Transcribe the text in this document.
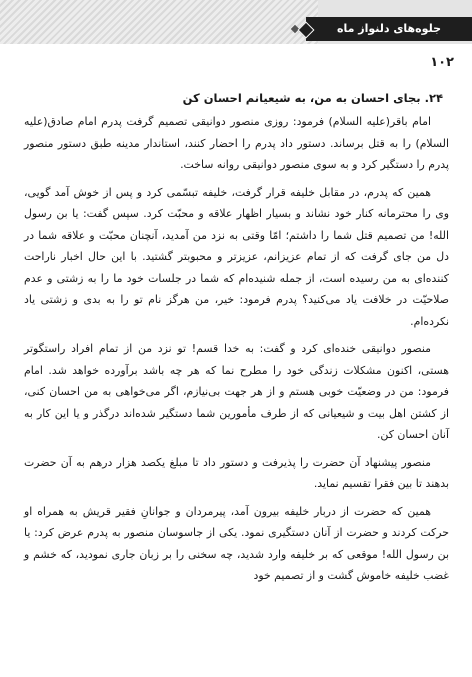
جلوه‌های دلنواز ماه
۱۰۲
۲۴. بجای احسان به من، به شیعیانم احسان کن

امام باقر(علیه السلام) فرمود: روزی منصور دوانیقی تصمیم گرفت پدرم امام صادق(علیه السلام) را به قتل برساند. دستور داد پدرم را احضار کنند، استاندار مدینه طبق دستور منصور پدرم را دستگیر کرد و به سوی منصور دوانیقی روانه ساخت.

همین که پدرم، در مقابل خلیفه قرار گرفت، خلیفه تبسّمی کرد و پس از خوش آمد گویی، وی را محترمانه کنار خود نشاند و بسیار اظهار علاقه و محبّت کرد. سپس گفت: یا بن رسول الله! من تصمیم قتل شما را داشتم؛ امّا وقتی به نزد من آمدید، آنچنان محبّت و علاقه شما در دل من جای گرفت که از تمام عزیزانم، عزیزتر و محبوبتر گشتید. با این حال اخبار ناراحت کننده‌ای به من رسیده است، از جمله شنیده‌ام که شما در جلسات خود ما را به زشتی و عدم صلاحیّت در خلافت یاد می‌کنید؟ پدرم فرمود: خیر، من هرگز نام تو را به بدی و زشتی یاد نکرده‌ام.

منصور دوانیقی خنده‌ای کرد و گفت: به خدا قسم! تو نزد من از تمام افراد راستگوتر هستی، اکنون مشکلات زندگی خود را مطرح نما که هر چه باشد برآورده خواهد شد. امام فرمود: من در وضعیّت خوبی هستم و از هر جهت بی‌نیازم، اگر می‌خواهی به من احسان کنی، از کشتن اهل بیت و شیعیانی که از طرف مأمورین شما دستگیر شده‌اند درگذر و یا این کار به آنان احسان کن.

منصور پیشنهاد آن حضرت را پذیرفت و دستور داد تا مبلغ یکصد هزار درهم به آن حضرت بدهند تا بین فقرا تقسیم نماید.

همین که حضرت از دربار خلیفه بیرون آمد، پیرمردان و جوانانِ فقیر قریش به همراه او حرکت کردند و حضرت از آنان دستگیری نمود. یکی از جاسوسان منصور به پدرم عرض کرد: یا بن رسول الله! موقعی که بر خلیفه وارد شدید، چه سخنی را بر زبان جاری نمودید، که خشم و غضب خلیفه خاموش گشت و از تصمیم خود
